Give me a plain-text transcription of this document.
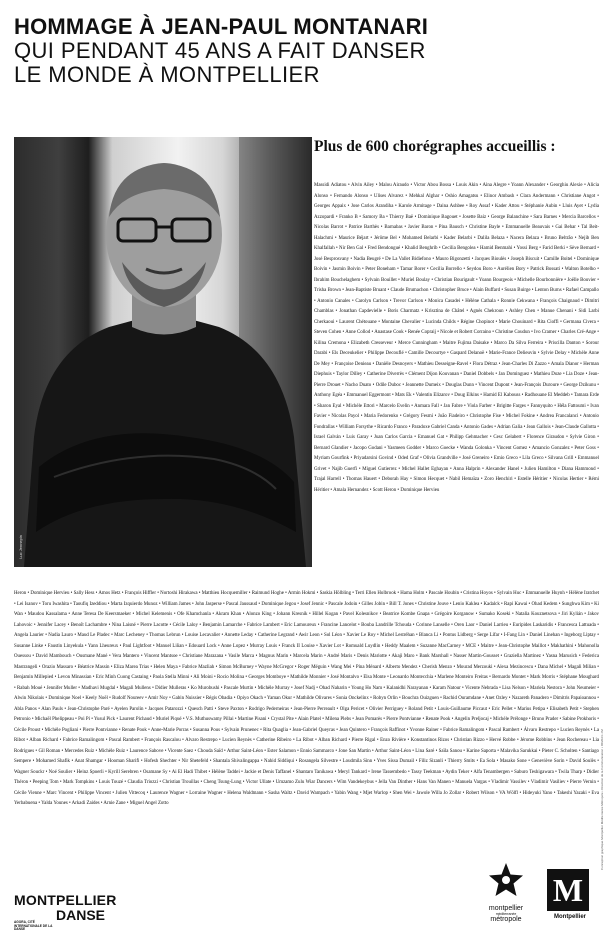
HOMMAGE À JEAN-PAUL MONTANARI
QUI PENDANT 45 ANS A FAIT DANSER
LE MONDE À MONTPELLIER
Luc Jennepin
Plus de 600 chorégraphes accueillis :
Massidi Adiatou • Alvin Ailey • Malou Airaudo • Victor Abou Bossa • Louis Akin • Aina Alegre • Yoann Alexander • Georghiu Alexie • Alicia Alonso • Fernando Alonso • Ulises Alvarez • Mehkal Alghar • Oshio Amagatsu • Elinor Ambash • Clara Andermann • Christiane Angot • Georges Appaix • Jose Carlos Arandiha • Karole Armitage • Daina Ashbee • Roy Assaf • Kader Attou • Stéphanie Aubin • Lluis Ayet • Lydia Azzopardi • Franko B • Samory Ba • Thierry Baë • Dominique Bagouet • Josette Baiz • George Balanchine • Sara Barnes • Mercia Barcellos • Nicolas Barrot • Patrice Barthès • Barnabas • Javier Baron • Pina Bausch • Christine Bayle • Emmanuelle Beauvais • Gai Behar • Tal Beit-Halachmi • Maurice Béjart • Jérôme Bel • Mohamed Belarbi • Kader Belarbi • Dalila Belaza • Nacera Belaza • Bruno Beltrão • Nejib Ben Khalfallah • Nir Ben Gal • Fred Bendongué • Khalid Benghrib • Cecilia Bengolea • Hamid Benmahi • Yossi Berg • Farid Berki • Sève Bernard • José Besprosvany • Nadia Beugré • De La Vallet Bidiefono • Mauro Bigonzetti • Jacques Bioulès • Joseph Biscuit • Camille Boitel • Dominique Boivin • Jasmin Boivin • Peter Boneham • Tamar Borer • Cecilia Borrello • Seydou Boro • Aurélien Bory • Patrick Bossati • Walton Botelho • Ibrahim Bouchelaghem • Sylvain Bouillet • Muriel Boulay • Christian Bourigault • Yoann Bourgeois • Michelle Bourbonnière • Joëlle Bouvier • Trisha Brown • Jean-Baptiste Bruant • Claude Brumachon • Christopher Bruce • Alain Buffard • Susan Buirge • Lenton Burns • Rafael Campallo • Antonio Canales • Carolyn Carlson • Trevor Carlson • Monica Casadei • Hélène Cathala • Ronnie Cekwana • François Chaignaud • Dimitri Chamblas • Jonathan Capdevielle • Boris Charmatz • Krisztina de Châtel • Agnès Chekroun • Ashley Chen • Manue Chenani • Sidi Larbi Cherkaoui • Laurent Chétouane • Montaine Chevalier • Lucinda Childs • Régine Chopinot • Marie Chouinard • Rita Cioffi • Germana Civera • Steven Cohen • Anne Collod • Anastase Cook • Renée Copraij • Nicole et Robert Corraino • Christine Coudun • Ivo Cramer • Charles Cré-Ange • Kilina Cremona • Elizabeth Cresseveur • Merce Cunningham • Maitre Fujima Daisake • Marco Da Silva Ferreira • Priscilla Danton • Sorour Darabi • Els Deceukelier • Philippe Decouflé • Camille Decourtye • Gaspard Delanoë • Marie-France Delieuvin • Sylvie Delay • Michèle Anne De Mey • Françoise Denieau • Danièle Desnoyers • Mathieu Desseigne-Ravel • Flora Détraz • Jean-Charles Di Zazzo • Amala Dianor • Herman Diephuis • Taylor Dilley • Catherine Diverrès • Clément Dijon Kouvanan • Daniel Dobbels • Jan Dominguez • Mathieu Doze • Lia Doze • Jean-Pierre Drouet • Nacho Duato • Odile Duboc • Jeannette Dumeix • Douglas Dunn • Vincent Dupont • Jean-François Duroure • George Dzikunu • Anthony Egéa • Emmanuel Eggermont • Mats Ek • Valentin Elizarov • Doug Elkins • Hamid El Kabouss • Radhouane El Meddeb • Tamara Erde • Sharon Eyal • Michèle Ettori • Marcelo Evelin • Anmara Fall • Jan Fabre • Viola Farber • Brigitte Farges • Fannyquito • Héla Fattoumi • Ivan Favier • Nicolas Payol • Maria Fedorenko • Grégory Fesmi • João Fiadeiro • Christophe Fise • Michel Fokine • Andrea Francalanci • Antonio Fondrallas • William Forsythe • Ricardo Franco • Paradoxe Gabriel Canda • Antonio Gades • Adrian Galia • Jean Gallois • Jean-Claude Gallotta • Israel Galván • Luis Garay • Juan Carlos Garcia • Emanuel Gat • Philipp Gehmacher • Cesc Gelabert • Florence Giraudon • Sylvie Giron • Bernard Glandier • Jacopo Godani • Yasmeen Godder • Marco Goecke • Wanda Golonka • Vincent Gomez • Amancio Gonzalez • Peter Goss • Myriam Gourfink • Priyadarsini Govind • Oded Graf • Olivia Grandville • José Greneiro • Emio Greco • Lila Greco • Silvana Grill • Emmanuel Grivet • Najib Guerfi • Miguel Gutierrez • Michel Hallet Eghayan • Anna Halprin • Alexander Hanel • Julien Hamilton • Diana Hammond • Trajal Harrell • Thomas Hauert • Deborah Hay • Simon Hecquet • Nabil Hemaïza • Zoro Henchiri • Estelle Héritier • Nicolas Hertier • Rémi Héritier • Amala Hernandez • Scott Heron • Dominique Hervieu
Heron • Dominique Hervieu • Sally Hess • Amos Hetz • François Hiffler • Nortoshi Hirakawa • Matthieu Hocquemiller • Raimund Hoghe • Armin Hokmi • Saskia Hölbling • Terri Ellen Holbrook • Hama Holm • Pascale Houbin • Cristina Hoyos • Sylvain Huc • Emmanuelle Huynh • Hélène Iratchet • Lei Isanov • Toru Iwashita • Taoufiq Izeddiou • Marta Izquierdo Munoz • William James • John Jasperse • Pascal Jaussaud • Dominique Jegou • Josef Jennic • Pascale Jodoin • Gilles Jobin • Bill T. Jones • Christine Jouve • Lenio Kaklea • Kadalck • Rapi Kawai • Ohad Kedem • Sunghwa Kim • Ki Wan • Maudou Kassalama • Anne Teresa De Keersmaeker • Michel Kelemenis • Ofe Khamchanla • Akram Khan • Alonzo King • Johann Kresnik • Hillel Kogan • Pavel Kolesnikov • Beatrice Kombe Gnapa • Grégoire Korganow • Sumako Koseki • Natalia Kouznetsova • Jiri Kylián • Jakov Lahovoic • Jennifer Lacey • Benoît Lachambre • Nina Laisné • Pierre Lacotte • Cécile Laloy • Benjamin Lamarche • Fabrice Lambert • Eric Lamoureux • Francine Lancelot • Bouba Landrille Tchouda • Corinne Lanselle • Oren Laor • Daniel Larrieu • Euripides Laskaridis • Francesca Lattuada • Angela Laurier • Nadia Lauro • Maud Le Pladec • Marc Lecheney • Thomas Lebrun • Louise Lecavalier • Annette Leday • Catherine Legrand • Awir Leon • Sol Léon • Xavier Le Roy • Michel Lestréhan • Blanca Li • Pontus Lidberg • Serge Lifar • I-Fang Lin • Daniel Linehan • Ingeborg Liptay • Susanne Linke • Faustin Linyekula • Yann Lheureux • Paul Lightfoot • Manuel Liñan • Edouard Lock • Anne Lopez • Murray Louis • Franck II Louise • Xavier Lot • Romuald Luydlin • Heddy Maalem • Suzanne MacCarney • MCE • Maitre • Jean-Christophe Maillot • Makhathini • Mahonolla Ouessou • David Mambouch • Ousmane Mané • Vera Mantero • Vincent Mantsoe • Christiane Marazana • Vasile Marca • Magnus Marin • Marcela Marin • André Maris • Denis Mariotte • Akaji Maro • Bank Marshall • Nasser Martin-Gousset • Graziella Martinez • Yasna Marusich • Federica Mastrangeli • Orazio Massaro • Béatrice Massin • Eliza Marea Trias • Helen Maya • Fabrice Mazliah • Simon McBurney • Wayne McGregor • Roger Méguin • Wang Mei • Pina Ménard • Alberto Mendez • Cherish Menzo • Mourad Merzouki • Alexa Mezincescu • Dana Michel • Magali Milian • Benjamin Millepied • Levon Minassian • Eric Minh Cuong Castaing • Paola Stella Minni • Ali Moini • Rocio Molina • Georges Momboye • Mathilde Monnier • José Montalvo • Elsa Monte • Leonardo Montecchia • Marlene Monteiro Freitas • Bernardo Montet • Mark Morris • Stéphane Moughard • Rabah Moué • Jennifer Muller • Madhavi Mugdal • Magali Mullens • Didier Mulleras • Ko Murobushi • Pascale Murtin • Michèle Murray • Josef Nadj • Ohad Naharin • Young Ho Nam • Kalanidhi Narayanan • Karam Natour • Vicente Nebrada • Lisa Nelson • Mariela Nestora • John Neumeier • Alwin Nikolais • Dominique Noel • Keely Noël • Rudolf Noureev • Amir Noy • Gabin Nuissier • Régis Obadia • Opiyo Okach • Yaman Okur • Mathilde Olivares • Sonia Onckelinx • Robyn Orlin • Bouchra Ouizguen • Rachid Ouramdane • Anet Ozley • Nazareth Panadero • Dimitris Papaioannou • Abla Panos • Alan Pauls • Jean-Christophe Paré • Ayelen Parolin • Jacques Patarozzi • Quesch Patti • Steve Paxton • Rodrigo Pederneiras • Jean-Pierre Perreault • Olga Pericet • Olivier Perriguey • Roland Petit • Louis-Guillaume Piccaut • Eric Pellet • Marius Petipa • Elisabeth Petit • Stephen Petronio • Michaël Phelippeau • Poi Pi • Yusul Pick • Laurent Pichaud • Muriel Piqué • V.S. Muthuswamy Pillai • Martine Pisani • Crystal Pite • Alain Platel • Milena Plebs • Jean Pomarès • Pierre Pontvianne • Renate Pook • Angelin Preljocaj • Michèle Prélonge • Bruno Prader • Sabine Prokhoris • Cécile Proust • Michèle Pogliani • Pierre Pontvianne • Renate Pook • Anne-Marie Porras • Susanna Pous • Sylvain Prunenec • Rita Quaglia • Jean-Gabriel Queyras • Jean Quintero • François Raffinot • Yvonne Rainer • Fabrice Ramalingom • Pascal Rambert • Álvaro Restrepo • Lucien Reynès • La Ribot • Alban Richard • Fabrice Ramalingom • Pascal Rambert • François Rascalou • Alvaro Restrepo • Lucien Reynès • Catherine Ribeiro • La Ribot • Alban Richard • Pierre Rigal • Enzo Rivière • Konstantinos Rizos • Christian Rizzo • Hervé Robbe • Jérome Robbins • Jean Rochereau • Lia Rodrigues • Gil Roman • Mercedes Ruiz • Michèle Ruiz • Laurence Sabove • Vicente Saez • Chouda Saïd • Arthur Saint-Léon • Ester Salamon • Ennio Sammarco • Jone San Martin • Arthur Saint-Léon • Lina Saré • Saïla Sanou • Karine Saporta • Malavika Sarukkai • Pieter C. Scholten • Santiago Sempere • Mohamed Shafik • Anat Shamgar • Hooman Sharifi • Hofesh Shechter • Nir Shetefeld • Shantala Shivalingappa • Nahid Siddiqui • Rosangela Silvestre • Loudmila Sinn • Yves Sissa Dumail • Filiz Sizanli • Thierry Smits • Ea Sola • Masako Sone • Geneviève Sorin • David Soulès • Wagner Souckr • Noé Soulier • Heinz Spoerli • Kyrill Serebren • Osamane Sy • Ai El Hadi Thibet • Hélène Taddei • Jackie et Denis Taffanel • Shantaro Tanikawa • Meryl Tankard • Irene Tassembedo • Tassy Teekman • Aydin Teker • Alfa Tenambergen • Saburo Teshigawara • Twila Tharp • Didier Théron • Peeping Tom • Mark Tompkins • Louis Touzé • Claudia Triozzi • Christian Trouillas • Cheng Tsung-Lung • Victor Ullate • Umzamo Zulu Wiar Dancers • Wim Vandekeybus • Jella Van Dinther • Hans Van Manen • Manuela Vargas • Vladimir Vassilev • Vladimir Vasiliev • Pierre Vernin • Cécile Vienne • Marc Vincent • Philippe Vincent • Julien Vittecoq • Laurence Wagner • Lorraine Wagner • Helena Waldmann • Sasha Waltz • David Wampach • Yabin Wang • Mjet Warlop • Shen Wei • Jawole Willa Jo Zollar • Robert Wilson • VA Wölfl • Hideyuki Yano • Takeshi Yazaki • Eva Yerbabuena • Yalda Younes • Arkadi Zaides • Arnie Zane • Miguel Angel Zotto	Conception graphique Montpellier Méditerranée Métropole • Direction de la Communication • 06/2024 • IM
MONTPELLIER
AGORA, CITÉ INTERNATIONALE DE LA DANSE
DANSE	montpellier
méditerranée
métropole
M
Montpellier
